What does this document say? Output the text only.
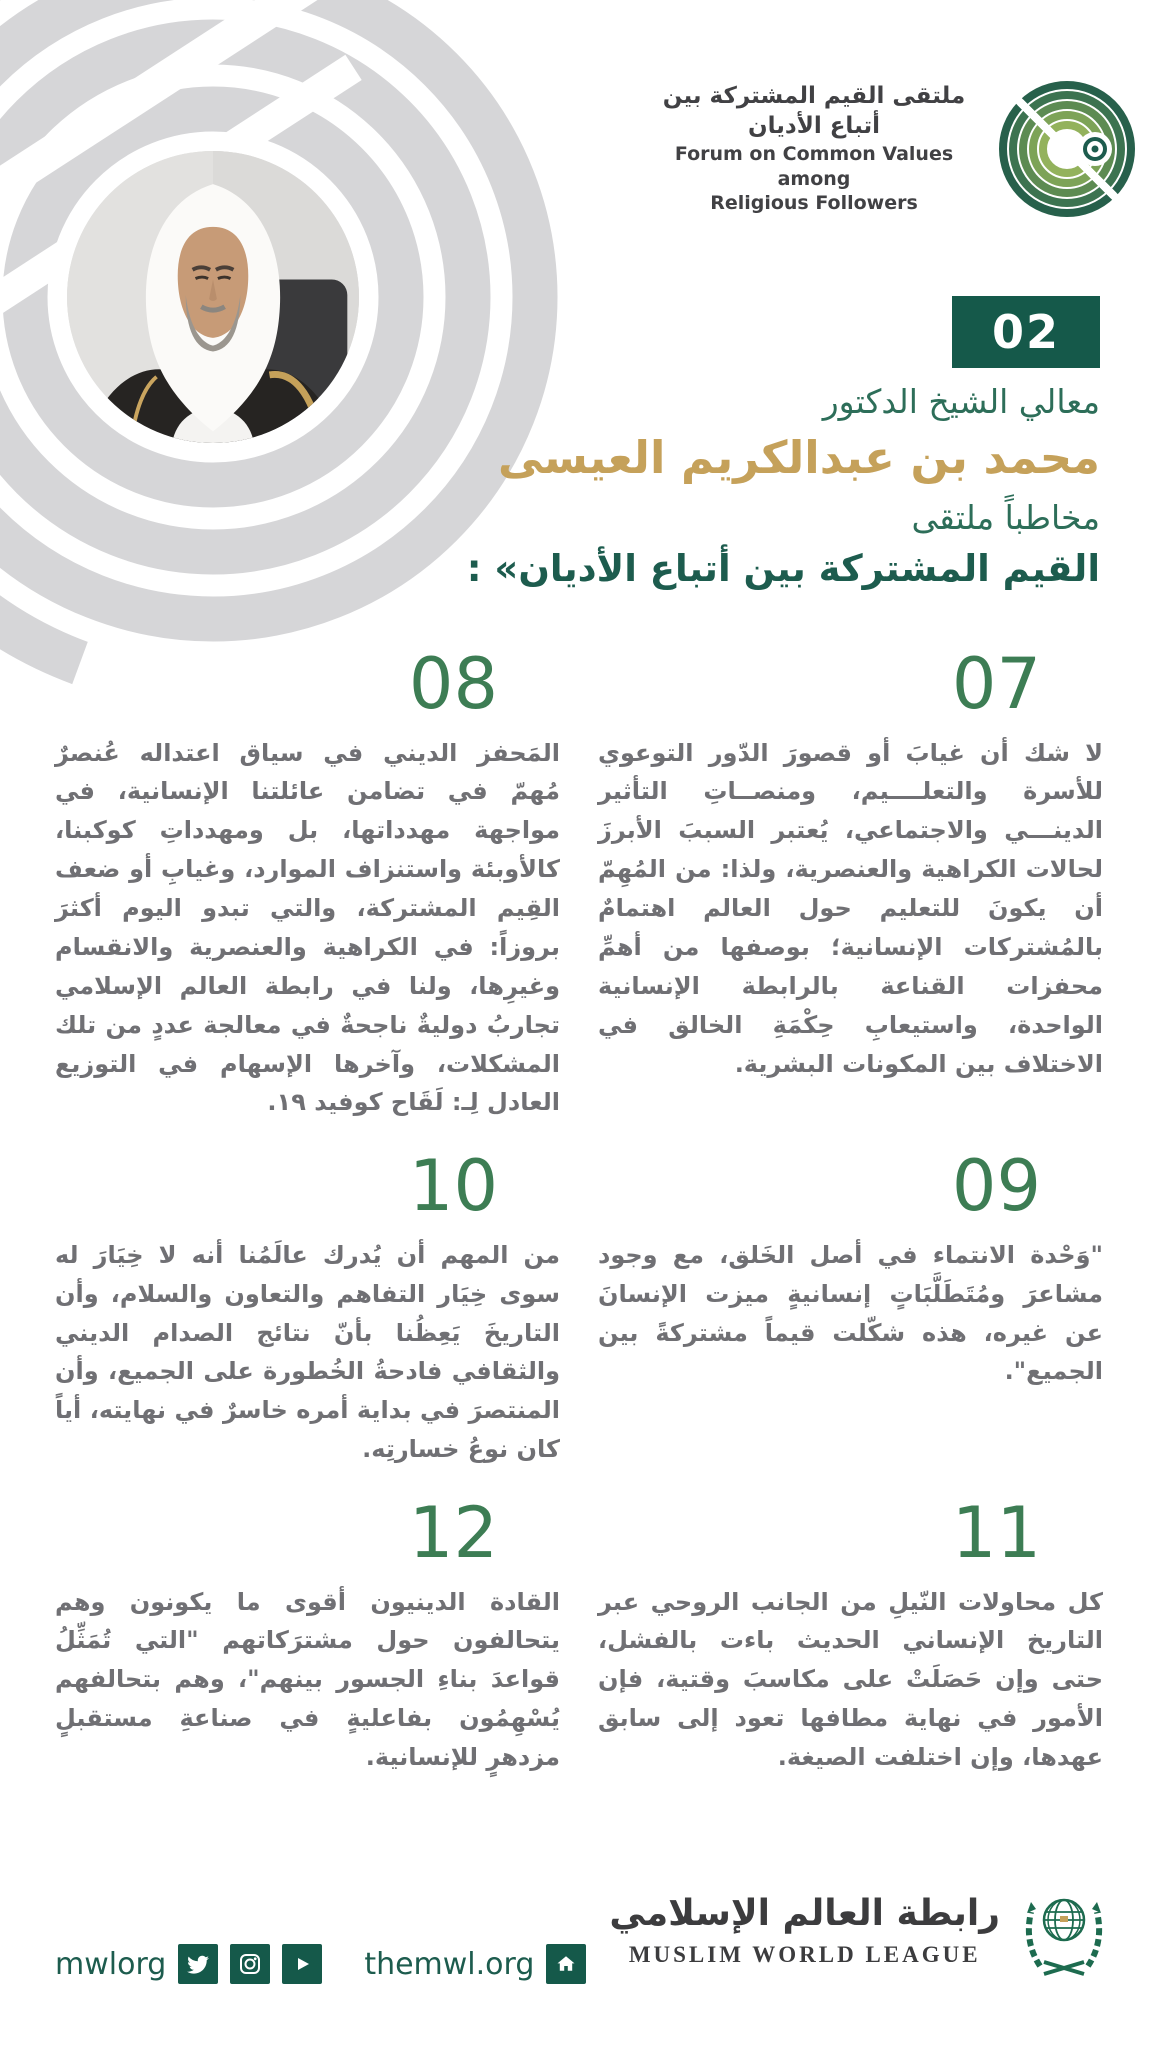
ملتقى القيم المشتركة بين أتباع الأديان
Forum on Common Values among
Religious Followers
02
معالي الشيخ الدكتور
محمد بن عبدالكريم العيسى
مخاطباً ملتقى
القيم المشتركة بين أتباع الأديان» :
07
لا شك أن غيابَ أو قصورَ الدّور التوعوي للأسرة والتعلــــيم، ومنصــاتِ التأثير الدينـــي والاجتماعي، يُعتبر السببَ الأبرزَ لحالات الكراهية والعنصرية، ولذا: من المُهِمّ أن يكونَ للتعليم حول العالم اهتمامٌ بالمُشتركات الإنسانية؛ بوصفها من أهمِّ محفزات القناعة بالرابطة الإنسانية الواحدة، واستيعابِ حِكْمَةِ الخالق في الاختلاف بين المكونات البشرية.
08
المَحفز الديني في سياق اعتداله عُنصرٌ مُهمّ في تضامن عائلتنا الإنسانية، في مواجهة مهدداتها، بل ومهدداتِ كوكبنا، كالأوبئة واستنزاف الموارد، وغيابِ أو ضعف القِيم المشتركة، والتي تبدو اليوم أكثرَ بروزاً: في الكراهية والعنصرية والانقسام وغيرِها، ولنا في رابطة العالم الإسلامي تجاربُ دوليةٌ ناجحةٌ في معالجة عددٍ من تلك المشكلات، وآخرها الإسهام في التوزيع العادل لِـ: لَقَاح كوفيد ١٩.
09
"وَحْدة الانتماء في أصل الخَلق، مع وجود مشاعرَ ومُتَطَلَّبَاتٍ إنسانيةٍ ميزت الإنسانَ عن غيره، هذه شكّلت قيماً مشتركةً بين الجميع".
10
من المهم أن يُدرك عالَمُنا أنه لا خِيَارَ له سوى خِيَار التفاهم والتعاون والسلام، وأن التاريخَ يَعِظُنا بأنّ نتائج الصدام الديني والثقافي فادحةُ الخُطورة على الجميع، وأن المنتصرَ في بداية أمره خاسرٌ في نهايته، أياً كان نوعُ خسارتِه.
11
كل محاولات النّيلِ من الجانب الروحي عبر التاريخ الإنساني الحديث باءت بالفشل، حتى وإن حَصَلَتْ على مكاسبَ وقتية، فإن الأمور في نهاية مطافها تعود إلى سابق عهدها، وإن اختلفت الصيغة.
12
القادة الدينيون أقوى ما يكونون وهم يتحالفون حول مشترَكاتهم "التي تُمَثِّلُ قواعدَ بناءِ الجسور بينهم"، وهم بتحالفهم يُسْهِمُون بفاعليةٍ في صناعةِ مستقبلٍ مزدهرٍ للإنسانية.
mwlorg	themwl.org
رابطة العالم الإسلامي
MUSLIM WORLD LEAGUE
